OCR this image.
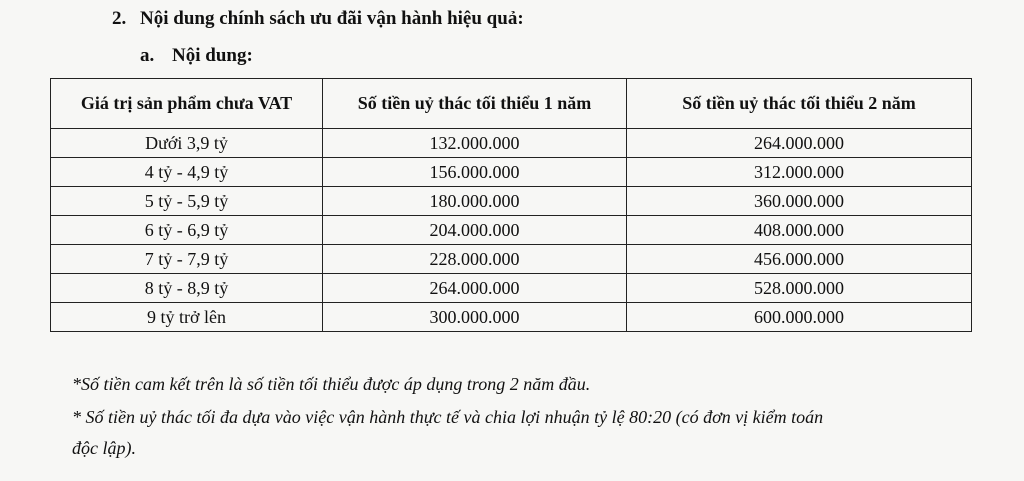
2. Nội dung chính sách ưu đãi vận hành hiệu quả:
a. Nội dung:
Giá trị sản phẩm chưa VAT	Số tiền uỷ thác tối thiểu 1 năm	Số tiền uỷ thác tối thiểu 2 năm
Dưới 3,9 tỷ	132.000.000	264.000.000
4 tỷ - 4,9 tỷ	156.000.000	312.000.000
5 tỷ - 5,9 tỷ	180.000.000	360.000.000
6 tỷ - 6,9 tỷ	204.000.000	408.000.000
7 tỷ - 7,9 tỷ	228.000.000	456.000.000
8 tỷ - 8,9 tỷ	264.000.000	528.000.000
9 tỷ trở lên	300.000.000	600.000.000
*Số tiền cam kết trên là số tiền tối thiểu được áp dụng trong 2 năm đầu.
* Số tiền uỷ thác tối đa dựa vào việc vận hành thực tế và chia lợi nhuận tỷ lệ 80:20 (có đơn vị kiểm toán
độc lập).
